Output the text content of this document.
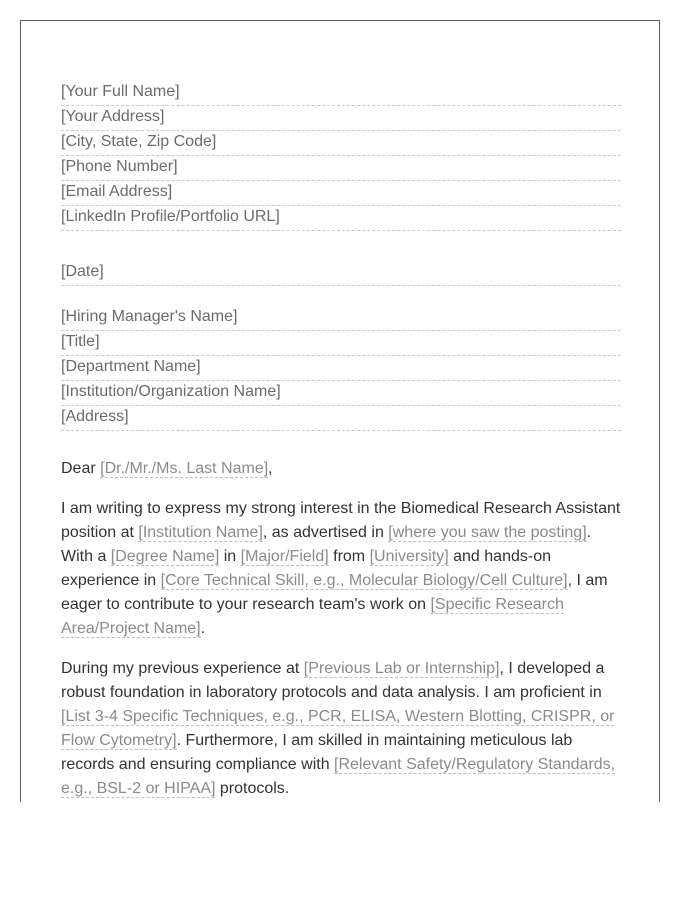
[Your Full Name]
[Your Address]
[City, State, Zip Code]
[Phone Number]
[Email Address]
[LinkedIn Profile/Portfolio URL]
[Date]
[Hiring Manager's Name]
[Title]
[Department Name]
[Institution/Organization Name]
[Address]

Dear [Dr./Mr./Ms. Last Name],

I am writing to express my strong interest in the Biomedical Research Assistant position at [Institution Name], as advertised in [where you saw the posting]. With a [Degree Name] in [Major/Field] from [University] and hands-on experience in [Core Technical Skill, e.g., Molecular Biology/Cell Culture], I am eager to contribute to your research team's work on [Specific Research Area/Project Name].

During my previous experience at [Previous Lab or Internship], I developed a robust foundation in laboratory protocols and data analysis. I am proficient in [List 3-4 Specific Techniques, e.g., PCR, ELISA, Western Blotting, CRISPR, or Flow Cytometry]. Furthermore, I am skilled in maintaining meticulous lab records and ensuring compliance with [Relevant Safety/Regulatory Standards, e.g., BSL-2 or HIPAA] protocols.
